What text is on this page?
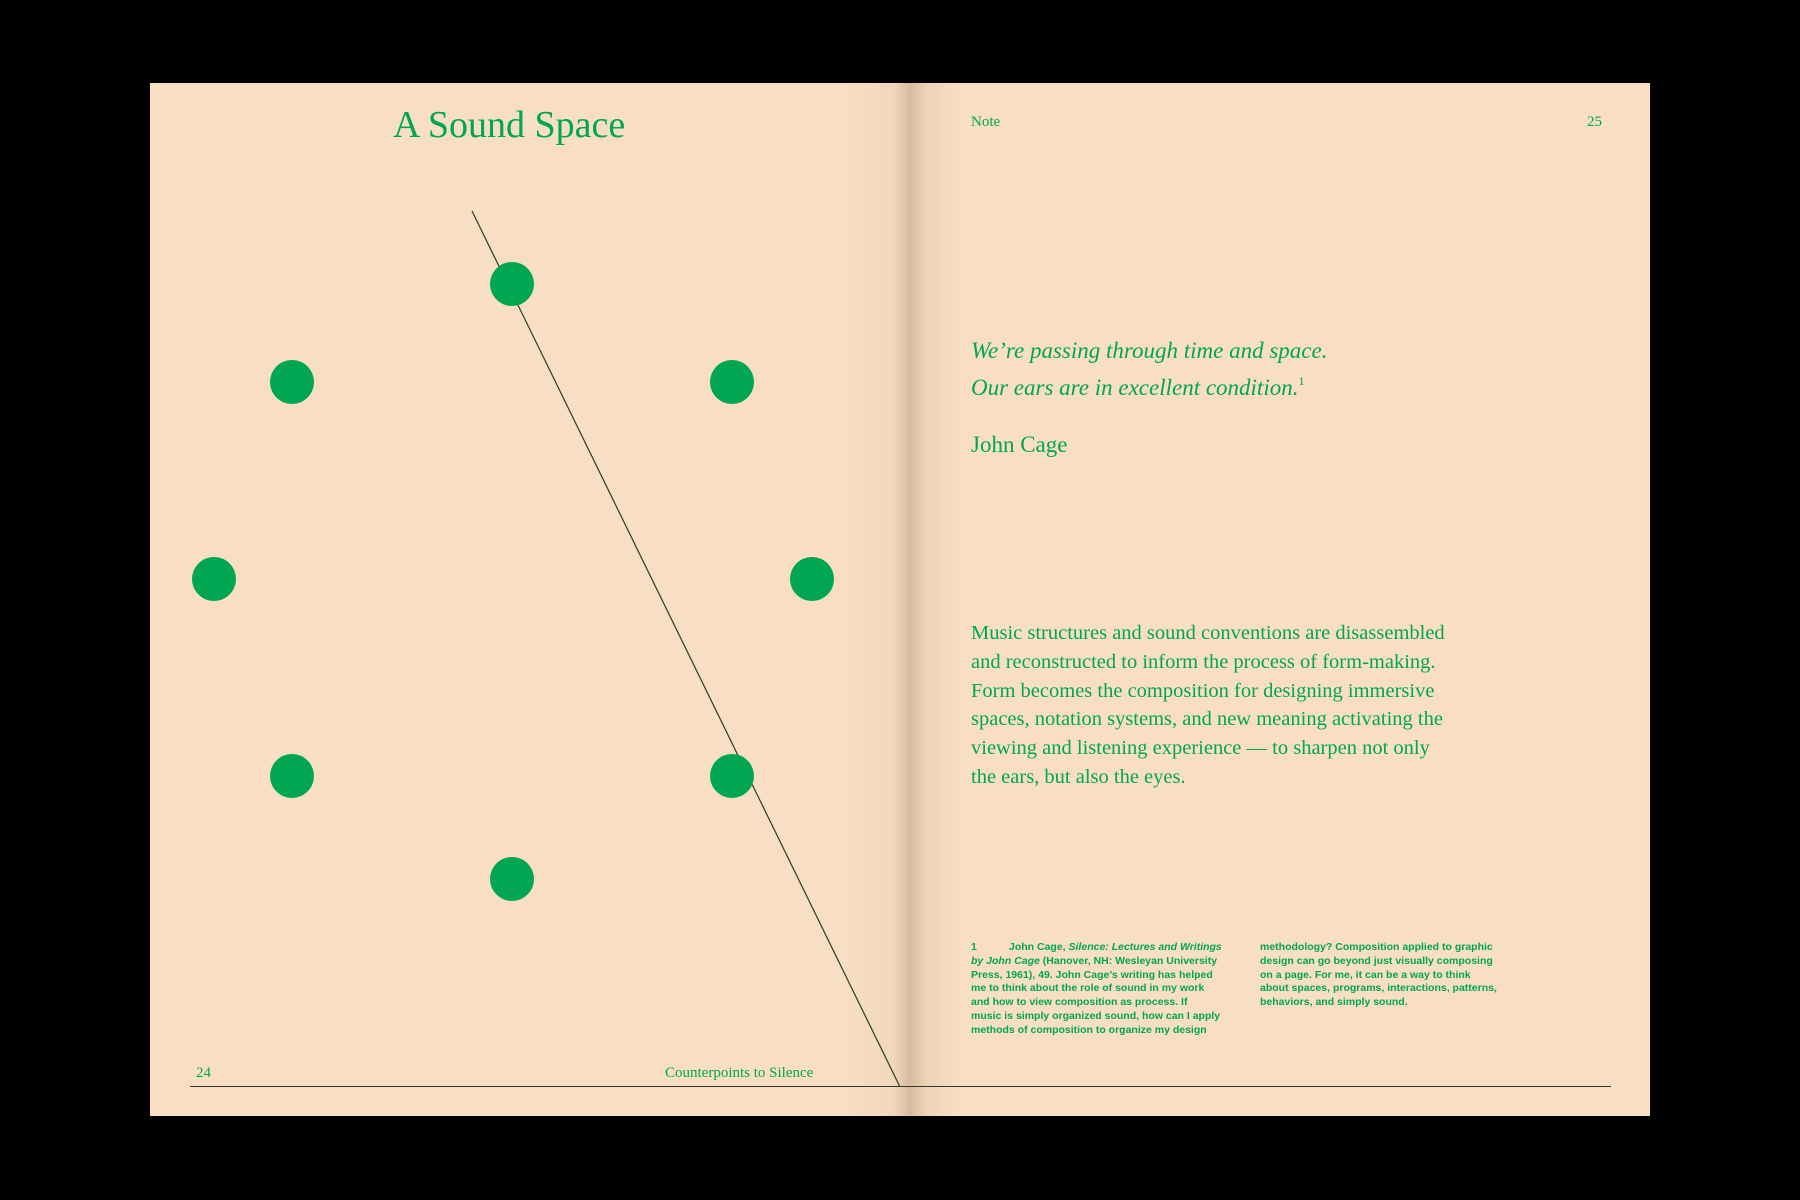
A Sound Space
24	Counterpoints to Silence
Note	25
We’re passing through time and space.
Our ears are in excellent condition.$^1$
John Cage
Music structures and sound conventions are disassembled
and reconstructed to inform the process of form-making.
Form becomes the composition for designing immersive
spaces, notation systems, and new meaning activating the
viewing and listening experience — to sharpen not only
the ears, but also the eyes.
1	John Cage, Silence: Lectures and Writings
by John Cage (Hanover, NH: Wesleyan University
Press, 1961), 49. John Cage’s writing has helped
me to think about the role of sound in my work
and how to view composition as process. If
music is simply organized sound, how can I apply
methods of composition to organize my design
methodology? Composition applied to graphic
design can go beyond just visually composing
on a page. For me, it can be a way to think
about spaces, programs, interactions, patterns,
behaviors, and simply sound.
